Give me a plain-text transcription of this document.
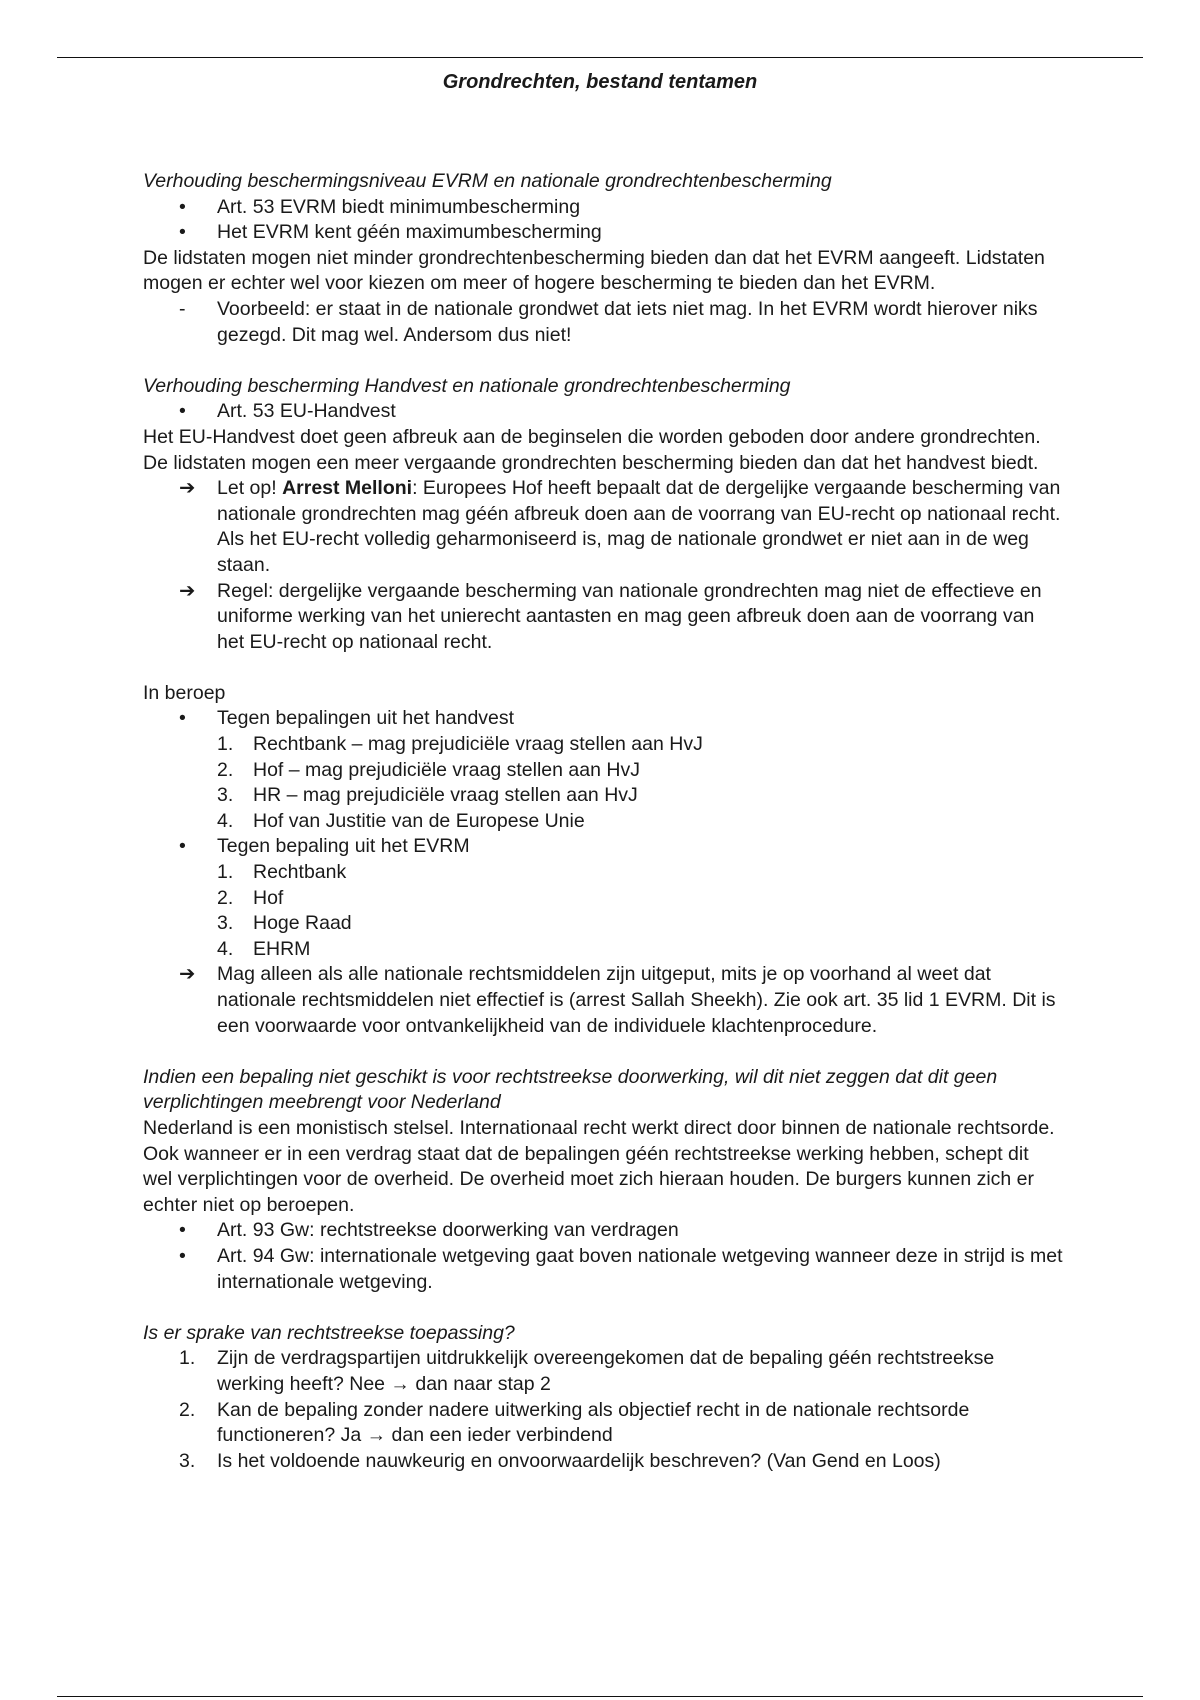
Grondrechten, bestand tentamen

Verhouding beschermingsniveau EVRM en nationale grondrechtenbescherming

•	Art. 53 EVRM biedt minimumbescherming
•	Het EVRM kent géén maximumbescherming

De lidstaten mogen niet minder grondrechtenbescherming bieden dan dat het EVRM aangeeft. Lidstaten mogen er echter wel voor kiezen om meer of hogere bescherming te bieden dan het EVRM.

-	Voorbeeld: er staat in de nationale grondwet dat iets niet mag. In het EVRM wordt hierover niks gezegd. Dit mag wel. Andersom dus niet!

Verhouding bescherming Handvest en nationale grondrechtenbescherming

•	Art. 53 EU-Handvest

Het EU-Handvest doet geen afbreuk aan de beginselen die worden geboden door andere grondrechten. De lidstaten mogen een meer vergaande grondrechten bescherming bieden dan dat het handvest biedt.

➔	Let op! Arrest Melloni: Europees Hof heeft bepaalt dat de dergelijke vergaande bescherming van nationale grondrechten mag géén afbreuk doen aan de voorrang van EU-recht op nationaal recht. Als het EU-recht volledig geharmoniseerd is, mag de nationale grondwet er niet aan in de weg staan.
➔	Regel: dergelijke vergaande bescherming van nationale grondrechten mag niet de effectieve en uniforme werking van het unierecht aantasten en mag geen afbreuk doen aan de voorrang van het EU-recht op nationaal recht.

In beroep

•	Tegen bepalingen uit het handvest
1. Rechtbank – mag prejudiciële vraag stellen aan HvJ
2. Hof – mag prejudiciële vraag stellen aan HvJ
3. HR – mag prejudiciële vraag stellen aan HvJ
4. Hof van Justitie van de Europese Unie
•	Tegen bepaling uit het EVRM
1. Rechtbank
2. Hof
3. Hoge Raad
4. EHRM
➔	Mag alleen als alle nationale rechtsmiddelen zijn uitgeput, mits je op voorhand al weet dat nationale rechtsmiddelen niet effectief is (arrest Sallah Sheekh). Zie ook art. 35 lid 1 EVRM. Dit is een voorwaarde voor ontvankelijkheid van de individuele klachtenprocedure.

Indien een bepaling niet geschikt is voor rechtstreekse doorwerking, wil dit niet zeggen dat dit geen verplichtingen meebrengt voor Nederland

Nederland is een monistisch stelsel. Internationaal recht werkt direct door binnen de nationale rechtsorde. Ook wanneer er in een verdrag staat dat de bepalingen géén rechtstreekse werking hebben, schept dit wel verplichtingen voor de overheid. De overheid moet zich hieraan houden. De burgers kunnen zich er echter niet op beroepen.

•	Art. 93 Gw: rechtstreekse doorwerking van verdragen
•	Art. 94 Gw: internationale wetgeving gaat boven nationale wetgeving wanneer deze in strijd is met internationale wetgeving.

Is er sprake van rechtstreekse toepassing?

1. Zijn de verdragspartijen uitdrukkelijk overeengekomen dat de bepaling géén rechtstreekse werking heeft? Nee → dan naar stap 2
2. Kan de bepaling zonder nadere uitwerking als objectief recht in de nationale rechtsorde functioneren? Ja → dan een ieder verbindend
3. Is het voldoende nauwkeurig en onvoorwaardelijk beschreven? (Van Gend en Loos)
